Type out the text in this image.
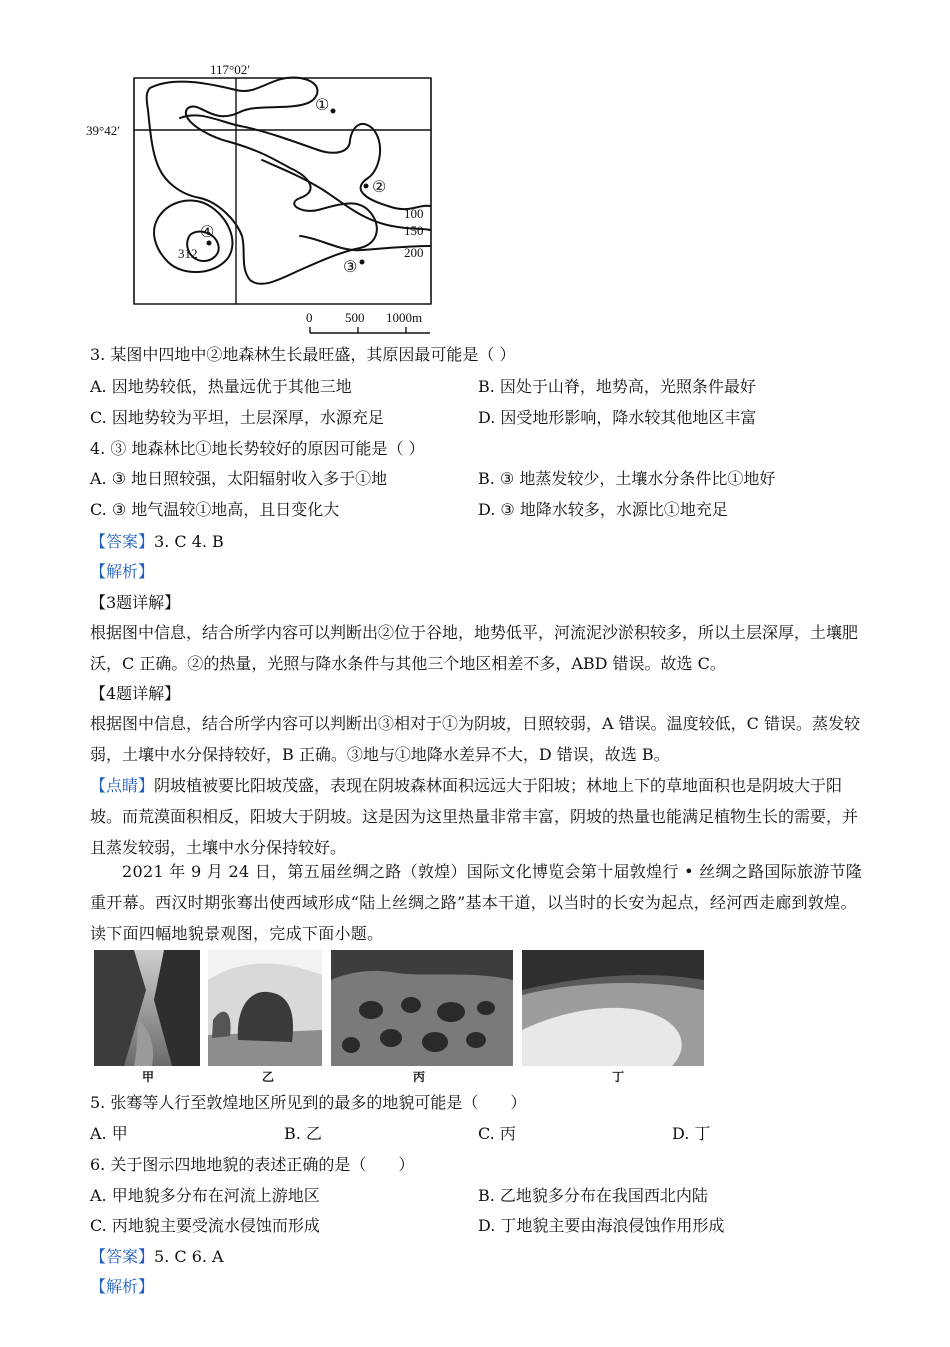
117°02′
39°42′
①
②
③
④
100
150
200
312
0	500 1000m
3. 某图中四地中②地森林生长最旺盛，其原因最可能是（ ）
A. 因地势较低，热量远优于其他三地	B. 因处于山脊，地势高，光照条件最好
C. 因地势较为平坦，土层深厚，水源充足	D. 因受地形影响，降水较其他地区丰富
4. ③ 地森林比①地长势较好的原因可能是（ ）
A. ③ 地日照较强，太阳辐射收入多于①地	B. ③ 地蒸发较少，土壤水分条件比①地好
C. ③ 地气温较①地高，且日变化大	D. ③ 地降水较多，水源比①地充足
【答案】3. C 4. B
【解析】
【3题详解】
根据图中信息，结合所学内容可以判断出②位于谷地，地势低平，河流泥沙淤积较多，所以土层深厚，土壤肥沃，C 正确。②的热量，光照与降水条件与其他三个地区相差不多，ABD 错误。故选 C。
【4题详解】
根据图中信息，结合所学内容可以判断出③相对于①为阴坡，日照较弱，A 错误。温度较低，C 错误。蒸发较弱，土壤中水分保持较好，B 正确。③地与①地降水差异不大，D 错误，故选 B。
【点睛】阴坡植被要比阳坡茂盛，表现在阴坡森林面积远远大于阳坡；林地上下的草地面积也是阴坡大于阳坡。而荒漠面积相反，阳坡大于阴坡。这是因为这里热量非常丰富，阴坡的热量也能满足植物生长的需要，并且蒸发较弱，土壤中水分保持较好。
2021 年 9 月 24 日，第五届丝绸之路（敦煌）国际文化博览会第十届敦煌行 • 丝绸之路国际旅游节隆重开幕。西汉时期张骞出使西域形成“陆上丝绸之路”基本干道，以当时的长安为起点，经河西走廊到敦煌。读下面四幅地貌景观图，完成下面小题。
甲	乙	丙	丁
5. 张骞等人行至敦煌地区所见到的最多的地貌可能是（　　）
A. 甲	B. 乙	C. 丙	D. 丁
6. 关于图示四地地貌的表述正确的是（　　）
A. 甲地貌多分布在河流上游地区	B. 乙地貌多分布在我国西北内陆
C. 丙地貌主要受流水侵蚀而形成	D. 丁地貌主要由海浪侵蚀作用形成
【答案】5. C 6. A
【解析】
